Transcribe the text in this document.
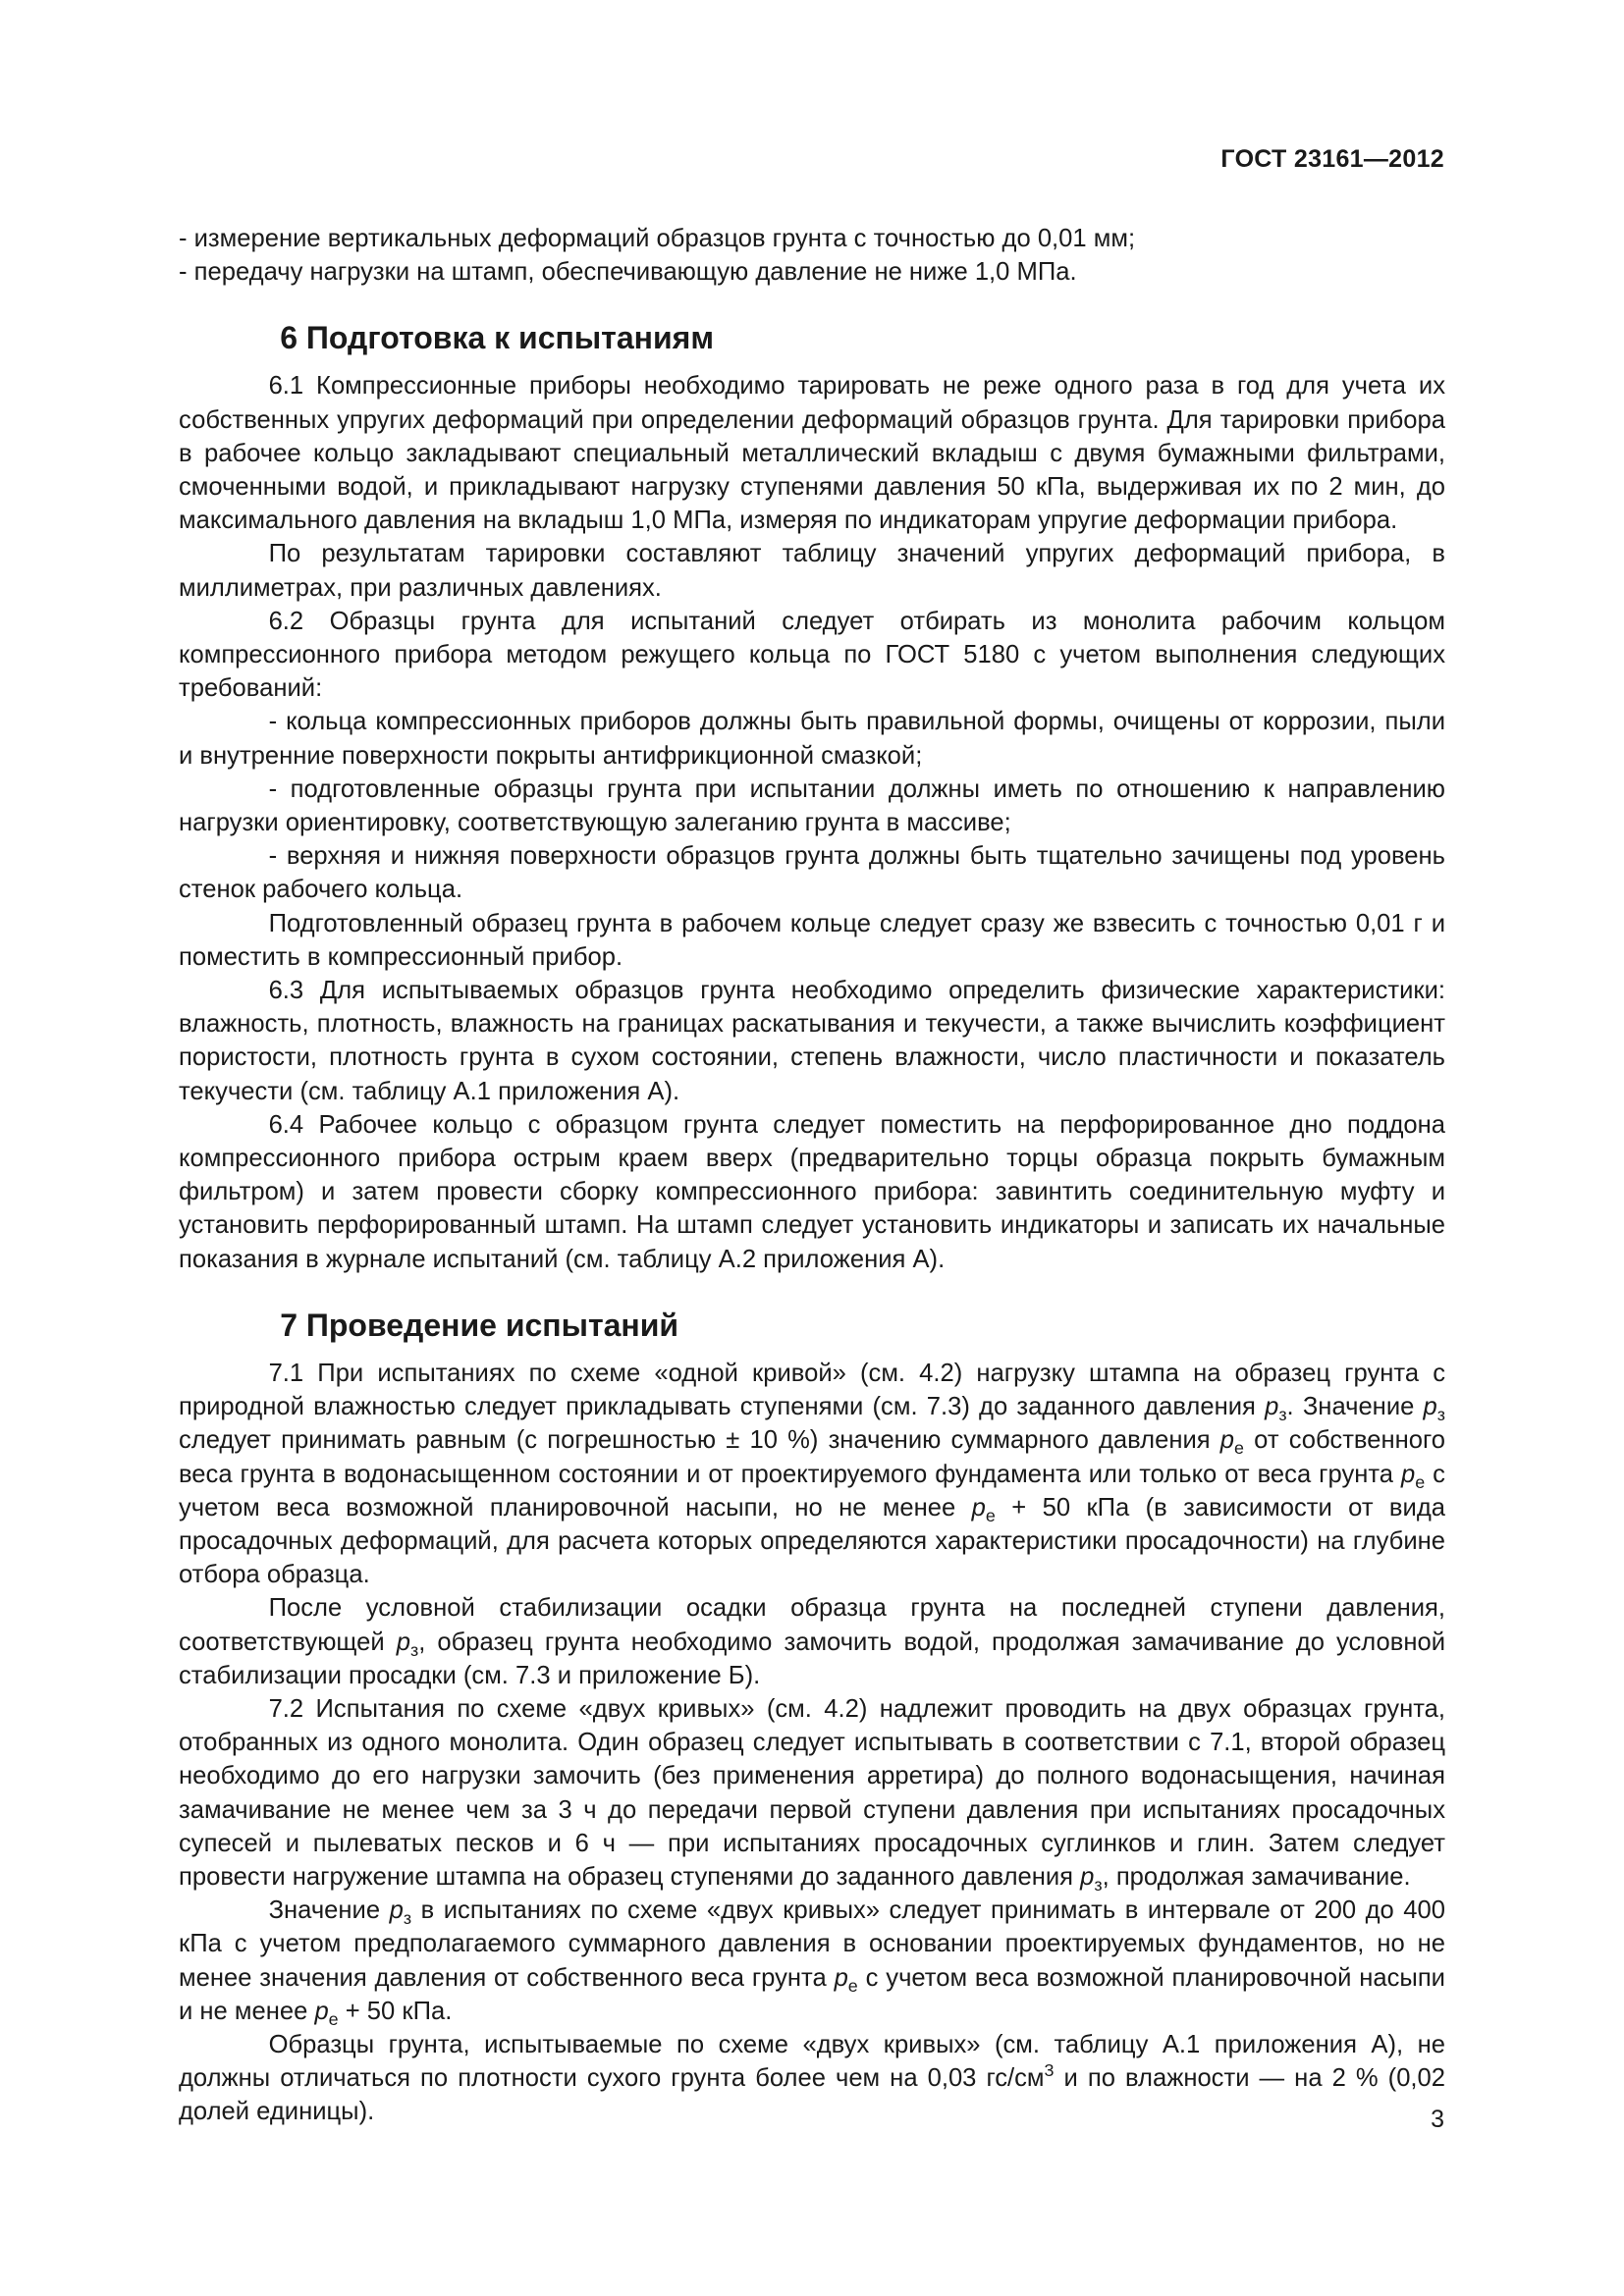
ГОСТ 23161—2012

- измерение вертикальных деформаций образцов грунта с точностью до 0,01 мм;

- передачу нагрузки на штамп, обеспечивающую давление не ниже 1,0 МПа.

6 Подготовка к испытаниям

6.1 Компрессионные приборы необходимо тарировать не реже одного раза в год для учета их собственных упругих деформаций при определении деформаций образцов грунта. Для тарировки прибора в рабочее кольцо закладывают специальный металлический вкладыш с двумя бумажными фильтрами, смоченными водой, и прикладывают нагрузку ступенями давления 50 кПа, выдерживая их по 2 мин, до максимального давления на вкладыш 1,0 МПа, измеряя по индикаторам упругие деформации прибора.

По результатам тарировки составляют таблицу значений упругих деформаций прибора, в миллиметрах, при различных давлениях.

6.2 Образцы грунта для испытаний следует отбирать из монолита рабочим кольцом компрессионного прибора методом режущего кольца по ГОСТ 5180 с учетом выполнения следующих требований:

- кольца компрессионных приборов должны быть правильной формы, очищены от коррозии, пыли и внутренние поверхности покрыты антифрикционной смазкой;

- подготовленные образцы грунта при испытании должны иметь по отношению к направлению нагрузки ориентировку, соответствующую залеганию грунта в массиве;

- верхняя и нижняя поверхности образцов грунта должны быть тщательно зачищены под уровень стенок рабочего кольца.

Подготовленный образец грунта в рабочем кольце следует сразу же взвесить с точностью 0,01 г и поместить в компрессионный прибор.

6.3 Для испытываемых образцов грунта необходимо определить физические характеристики: влажность, плотность, влажность на границах раскатывания и текучести, а также вычислить коэффициент пористости, плотность грунта в сухом состоянии, степень влажности, число пластичности и показатель текучести (см. таблицу А.1 приложения А).

6.4 Рабочее кольцо с образцом грунта следует поместить на перфорированное дно поддона компрессионного прибора острым краем вверх (предварительно торцы образца покрыть бумажным фильтром) и затем провести сборку компрессионного прибора: завинтить соединительную муфту и установить перфорированный штамп. На штамп следует установить индикаторы и записать их начальные показания в журнале испытаний (см. таблицу А.2 приложения А).

7 Проведение испытаний

7.1 При испытаниях по схеме «одной кривой» (см. 4.2) нагрузку штампа на образец грунта с природной влажностью следует прикладывать ступенями (см. 7.3) до заданного давления $p_з$. Значение $p_з$ следует принимать равным (с погрешностью ± 10 %) значению суммарного давления $p_e$ от собственного веса грунта в водонасыщенном состоянии и от проектируемого фундамента или только от веса грунта $p_e$ с учетом веса возможной планировочной насыпи, но не менее $p_e + 50$ кПа (в зависимости от вида просадочных деформаций, для расчета которых определяются характеристики просадочности) на глубине отбора образца.

После условной стабилизации осадки образца грунта на последней ступени давления, соответствующей $p_з$, образец грунта необходимо замочить водой, продолжая замачивание до условной стабилизации просадки (см. 7.3 и приложение Б).

7.2 Испытания по схеме «двух кривых» (см. 4.2) надлежит проводить на двух образцах грунта, отобранных из одного монолита. Один образец следует испытывать в соответствии с 7.1, второй образец необходимо до его нагрузки замочить (без применения арретира) до полного водонасыщения, начиная замачивание не менее чем за 3 ч до передачи первой ступени давления при испытаниях просадочных супесей и пылеватых песков и 6 ч — при испытаниях просадочных суглинков и глин. Затем следует провести нагружение штампа на образец ступенями до заданного давления $p_з$, продолжая замачивание.

Значение $p_з$ в испытаниях по схеме «двух кривых» следует принимать в интервале от 200 до 400 кПа с учетом предполагаемого суммарного давления в основании проектируемых фундаментов, но не менее значения давления от собственного веса грунта $p_e$ с учетом веса возможной планировочной насыпи и не менее $p_e + 50$ кПа.

Образцы грунта, испытываемые по схеме «двух кривых» (см. таблицу А.1 приложения А), не должны отличаться по плотности сухого грунта более чем на 0,03 $гс/см^3$ и по влажности — на 2 % (0,02 долей единицы).	3
